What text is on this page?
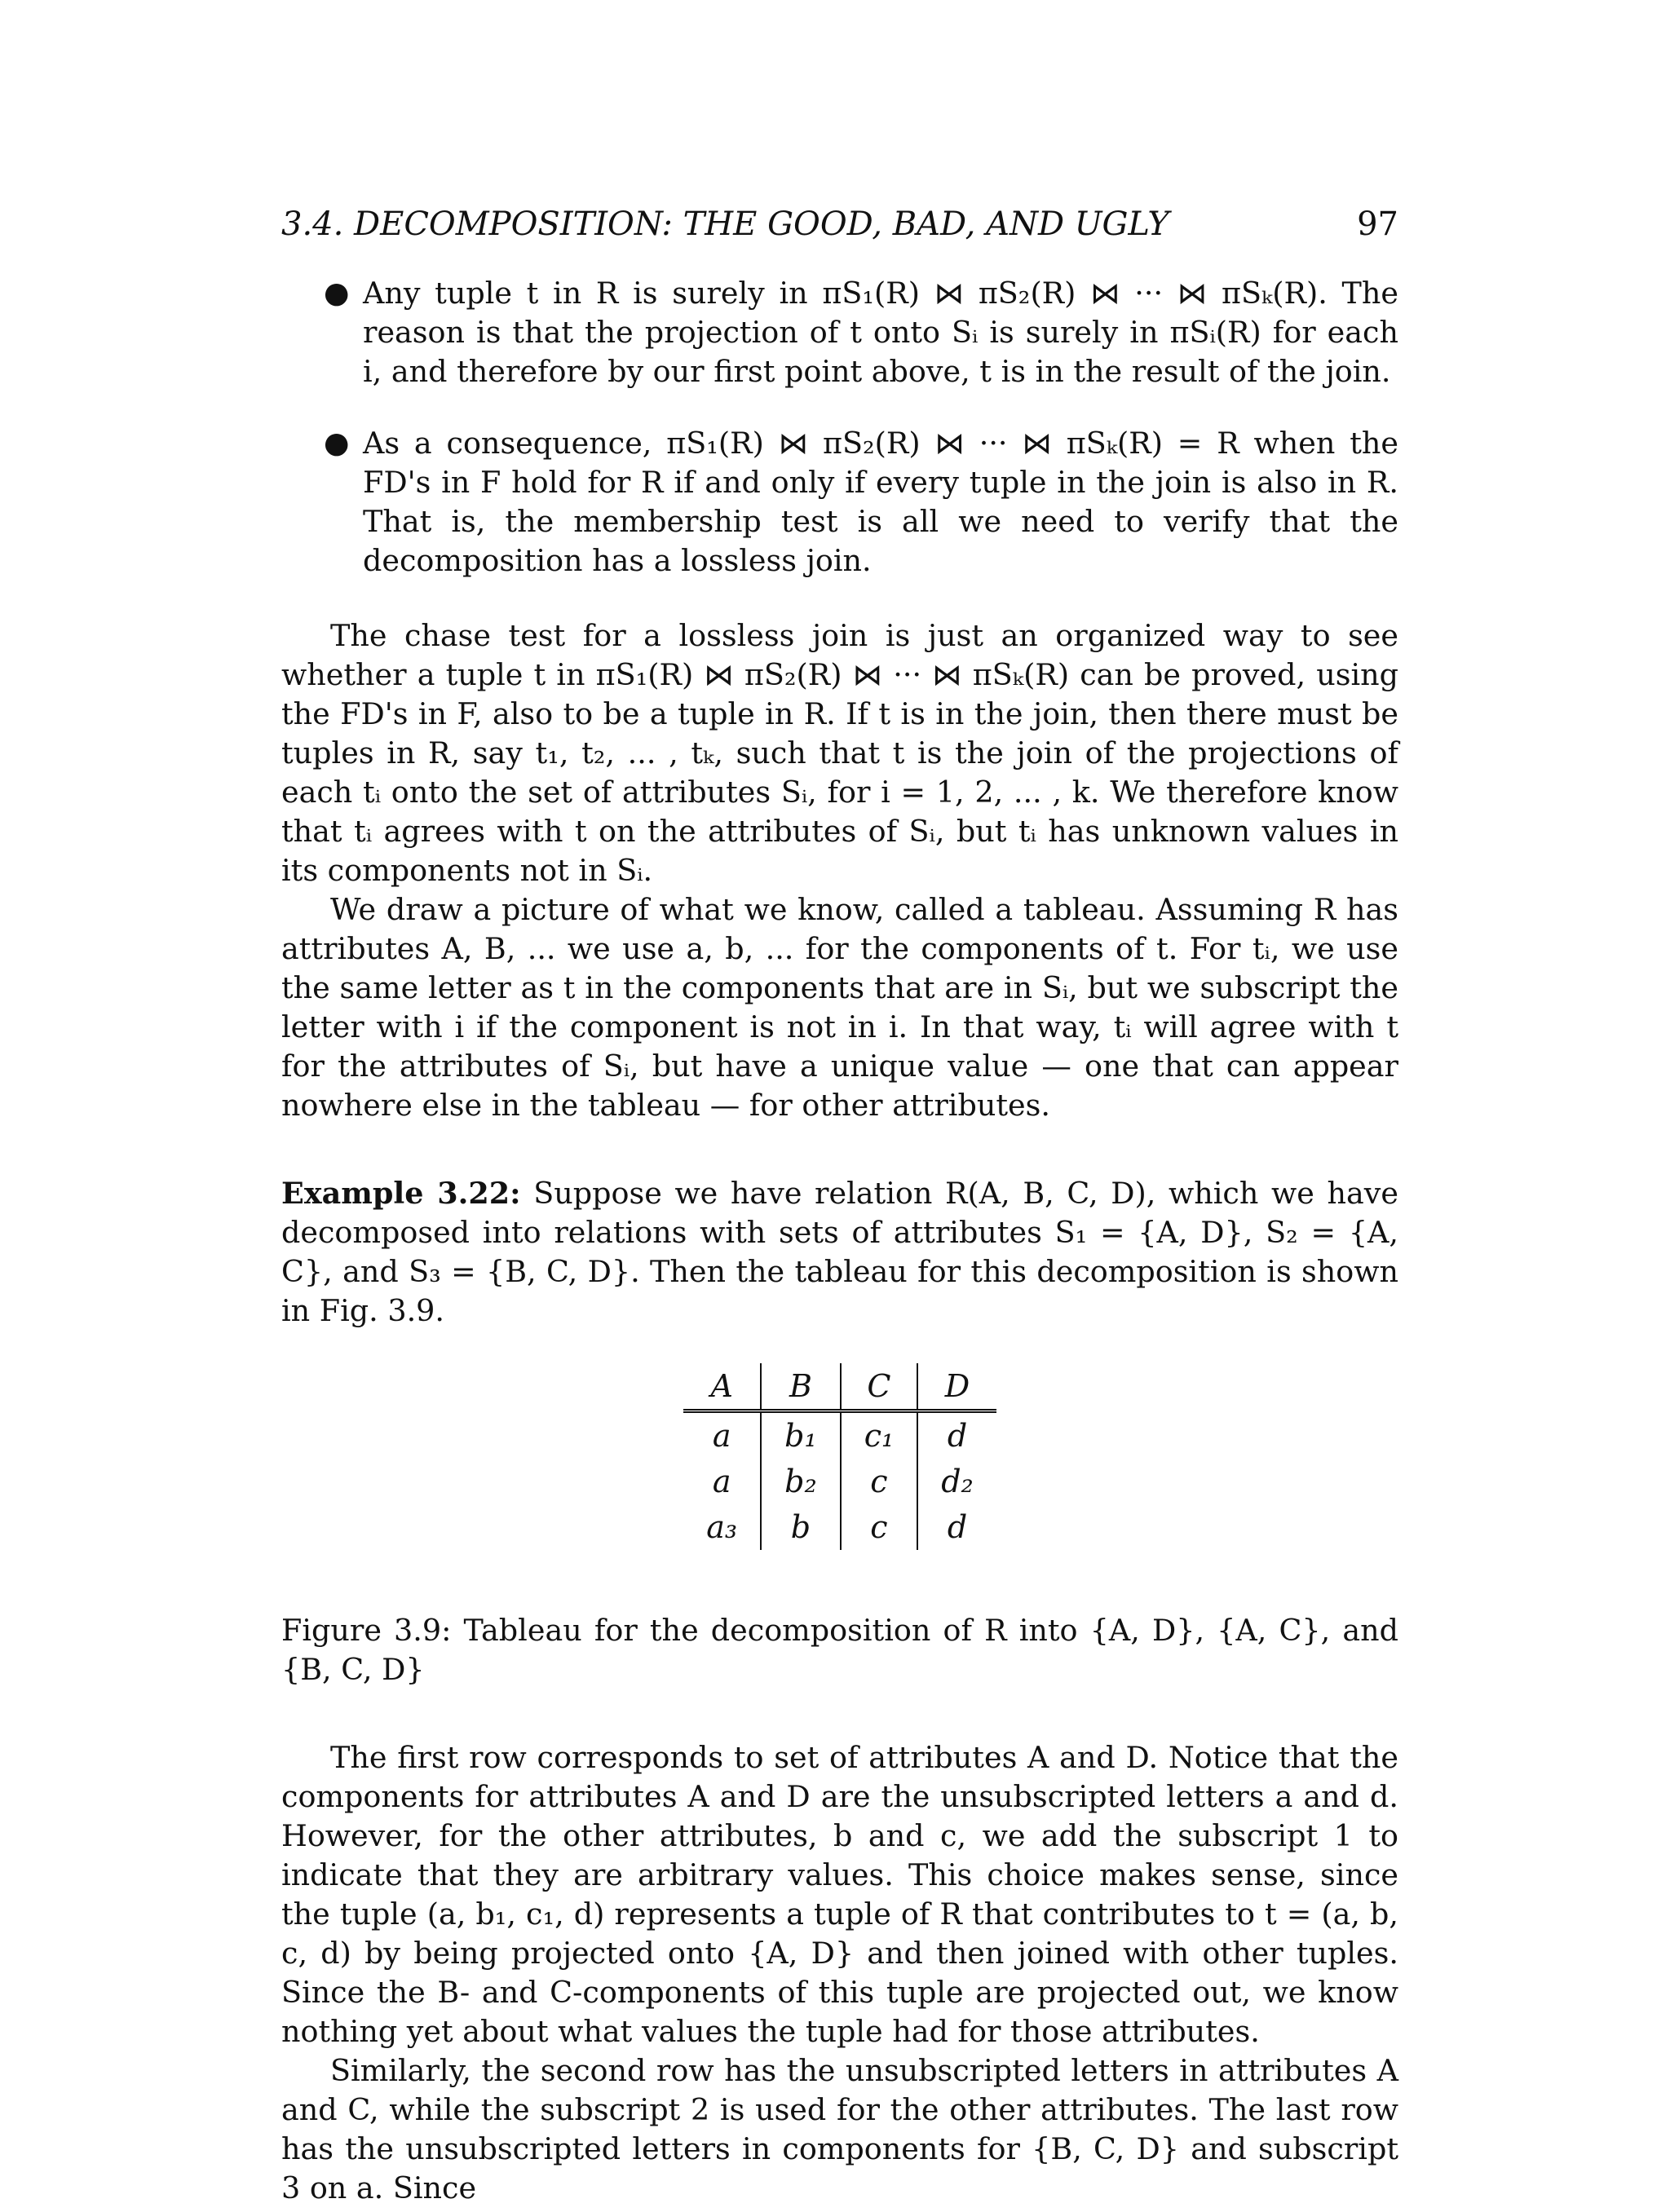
3.4. DECOMPOSITION: THE GOOD, BAD, AND UGLY	97
● Any tuple t in R is surely in πS₁(R) ⋈ πS₂(R) ⋈ ··· ⋈ πSₖ(R). The reason is that the projection of t onto Sᵢ is surely in πSᵢ(R) for each i, and therefore by our first point above, t is in the result of the join.
● As a consequence, πS₁(R) ⋈ πS₂(R) ⋈ ··· ⋈ πSₖ(R) = R when the FD's in F hold for R if and only if every tuple in the join is also in R. That is, the membership test is all we need to verify that the decomposition has a lossless join.

The chase test for a lossless join is just an organized way to see whether a tuple t in πS₁(R) ⋈ πS₂(R) ⋈ ··· ⋈ πSₖ(R) can be proved, using the FD's in F, also to be a tuple in R. If t is in the join, then there must be tuples in R, say t₁, t₂, ... , tₖ, such that t is the join of the projections of each tᵢ onto the set of attributes Sᵢ, for i = 1, 2, ... , k. We therefore know that tᵢ agrees with t on the attributes of Sᵢ, but tᵢ has unknown values in its components not in Sᵢ.

We draw a picture of what we know, called a tableau. Assuming R has attributes A, B, ... we use a, b, ... for the components of t. For tᵢ, we use the same letter as t in the components that are in Sᵢ, but we subscript the letter with i if the component is not in i. In that way, tᵢ will agree with t for the attributes of Sᵢ, but have a unique value — one that can appear nowhere else in the tableau — for other attributes.

Example 3.22: Suppose we have relation R(A, B, C, D), which we have decomposed into relations with sets of attributes S₁ = {A, D}, S₂ = {A, C}, and S₃ = {B, C, D}. Then the tableau for this decomposition is shown in Fig. 3.9.

A	B	C	D
a	b₁	c₁	d
a	b₂	c	d₂
a₃	b	c	d

Figure 3.9: Tableau for the decomposition of R into {A, D}, {A, C}, and {B, C, D}

The first row corresponds to set of attributes A and D. Notice that the components for attributes A and D are the unsubscripted letters a and d. However, for the other attributes, b and c, we add the subscript 1 to indicate that they are arbitrary values. This choice makes sense, since the tuple (a, b₁, c₁, d) represents a tuple of R that contributes to t = (a, b, c, d) by being projected onto {A, D} and then joined with other tuples. Since the B- and C-components of this tuple are projected out, we know nothing yet about what values the tuple had for those attributes.

Similarly, the second row has the unsubscripted letters in attributes A and C, while the subscript 2 is used for the other attributes. The last row has the unsubscripted letters in components for {B, C, D} and subscript 3 on a. Since
